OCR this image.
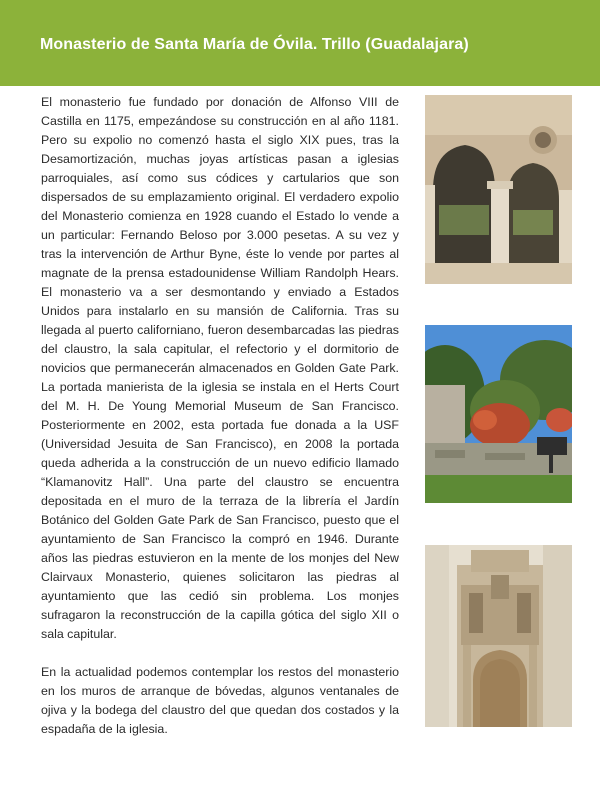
Monasterio de Santa María de Óvila. Trillo (Guadalajara)

El monasterio fue fundado por donación de Alfonso VIII de Castilla en 1175, empezándose su construcción en al año 1181. Pero su expolio no comenzó hasta el siglo XIX pues, tras la Desamortización, muchas joyas artísticas pasan a iglesias parroquiales, así como sus códices y cartularios que son dispersados de su emplazamiento original. El verdadero expolio del Monasterio comienza en 1928 cuando el Estado lo vende a un particular: Fernando Beloso por 3.000 pesetas. A su vez y tras la intervención de Arthur Byne, éste lo vende por partes al magnate de la prensa estadounidense William Randolph Hears. El monasterio va a ser desmontando y enviado a Estados Unidos para instalarlo en su mansión de California. Tras su llegada al puerto californiano, fueron desembarcadas las piedras del claustro, la sala capitular, el refectorio y el dormitorio de novicios que permanecerán almacenados en Golden Gate Park. La portada manierista de la iglesia se instala en el Herts Court del M. H. De Young Memorial Museum de San Francisco. Posteriormente en 2002, esta portada fue donada a la USF (Universidad Jesuita de San Francisco), en 2008 la portada queda adherida a la construcción de un nuevo edificio llamado “Klamanovitz Hall”. Una parte del claustro se encuentra depositada en el muro de la terraza de la librería el Jardín Botánico del Golden Gate Park de San Francisco, puesto que el ayuntamiento de San Francisco la compró en 1946. Durante años las piedras estuvieron en la mente de los monjes del New Clairvaux Monasterio, quienes solicitaron las piedras al ayuntamiento que las cedió sin problema. Los monjes sufragaron la reconstrucción de la capilla gótica del siglo XII o sala capitular.

En la actualidad podemos contemplar los restos del monasterio en los muros de arranque de bóvedas, algunos ventanales de ojiva y la bodega del claustro del que quedan dos costados y la espadaña de la iglesia.
